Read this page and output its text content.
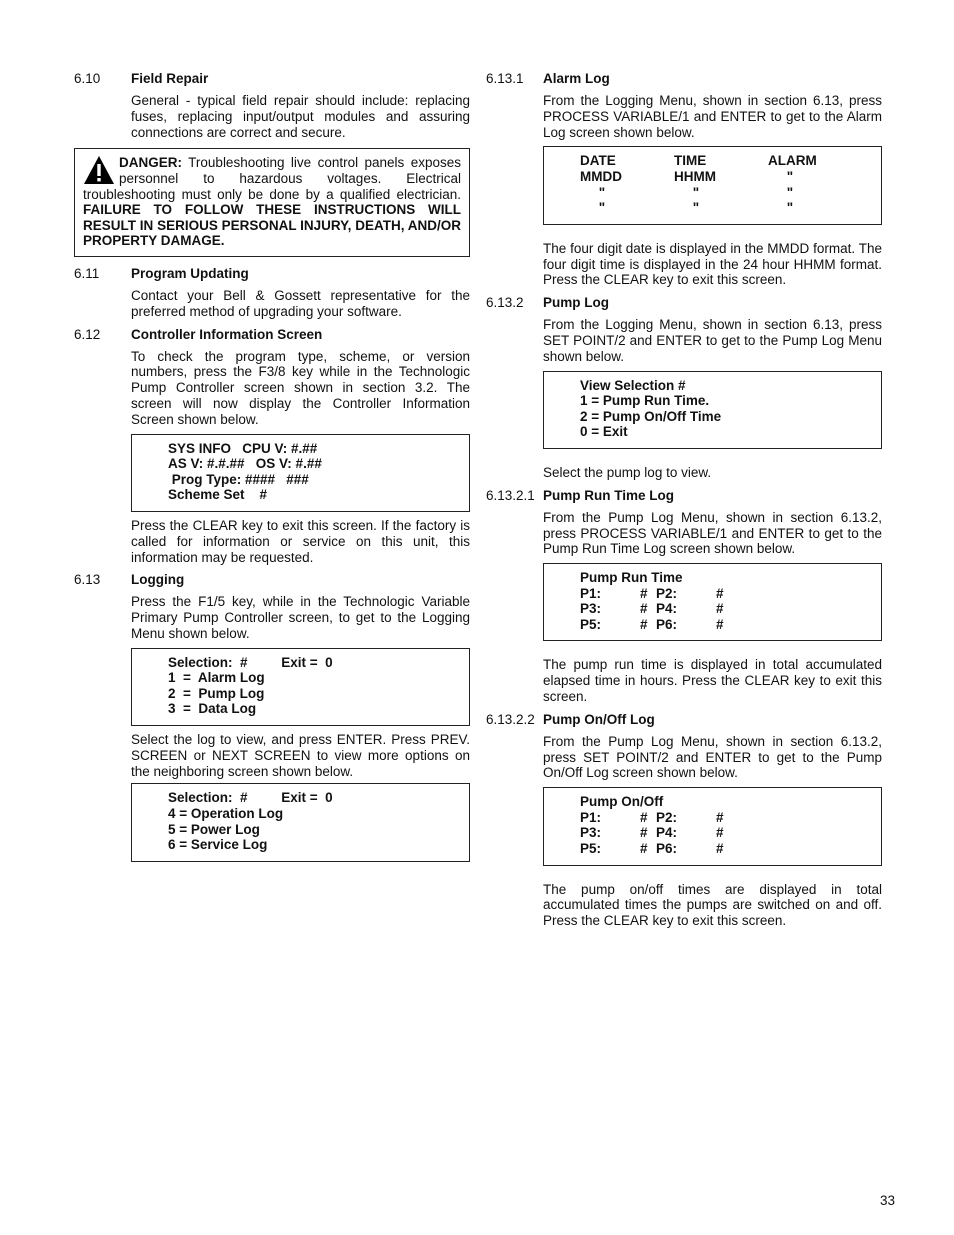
6.10	Field Repair

General - typical field repair should include: replacing fuses, replacing input/output modules and assuring connections are correct and secure.

DANGER: Troubleshooting live control panels exposes personnel to hazardous voltages. Electrical troubleshooting must only be done by a qualified electrician. FAILURE TO FOLLOW THESE INSTRUCTIONS WILL RESULT IN SERIOUS PERSONAL INJURY, DEATH, AND/OR PROPERTY DAMAGE.
6.11	Program Updating

Contact your Bell & Gossett representative for the preferred method of upgrading your software.

6.12	Controller Information Screen

To check the program type, scheme, or version numbers, press the F3/8 key while in the Technologic Pump Controller screen shown in section 3.2. The screen will now display the Controller Information Screen shown below.

SYS INFO   CPU V: #.##
AS V: #.#.##   OS V: #.##
Prog Type: ####   ###
Scheme Set    #

Press the CLEAR key to exit this screen. If the factory is called for information or service on this unit, this information may be requested.

6.13	Logging

Press the F1/5 key, while in the Technologic Variable Primary Pump Controller screen, to get to the Logging Menu shown below.

Selection:  #         Exit =  0
1  =  Alarm Log
2  =  Pump Log
3  =  Data Log

Select the log to view, and press ENTER. Press PREV. SCREEN or NEXT SCREEN to view more options on the neighboring screen shown below.

Selection:  #         Exit =  0
4 = Operation Log
5 = Power Log
6 = Service Log
6.13.1	Alarm Log

From the Logging Menu, shown in section 6.13, press PROCESS VARIABLE/1 and ENTER to get to the Alarm Log screen shown below.

DATE	TIME	ALARM
MMDD	HHMM	"
"	"	"
"	"	"

The four digit date is displayed in the MMDD format. The four digit time is displayed in the 24 hour HHMM format. Press the CLEAR key to exit this screen.

6.13.2	Pump Log

From the Logging Menu, shown in section 6.13, press SET POINT/2 and ENTER to get to the Pump Log Menu shown below.

View Selection #
1 = Pump Run Time.
2 = Pump On/Off Time
0 = Exit

Select the pump log to view.

6.13.2.1 Pump Run Time Log

From the Pump Log Menu, shown in section 6.13.2, press PROCESS VARIABLE/1 and ENTER to get to the Pump Run Time Log screen shown below.

Pump Run Time
P1:	# P2:	#
P3:	# P4:	#
P5:	# P6:	#

The pump run time is displayed in total accumulated elapsed time in hours. Press the CLEAR key to exit this screen.

6.13.2.2 Pump On/Off Log

From the Pump Log Menu, shown in section 6.13.2, press SET POINT/2 and ENTER to get to the Pump On/Off Log screen shown below.

Pump On/Off
P1:	# P2:	#
P3:	# P4:	#
P5:	# P6:	#

The pump on/off times are displayed in total accumulated times the pumps are switched on and off. Press the CLEAR key to exit this screen.

33
